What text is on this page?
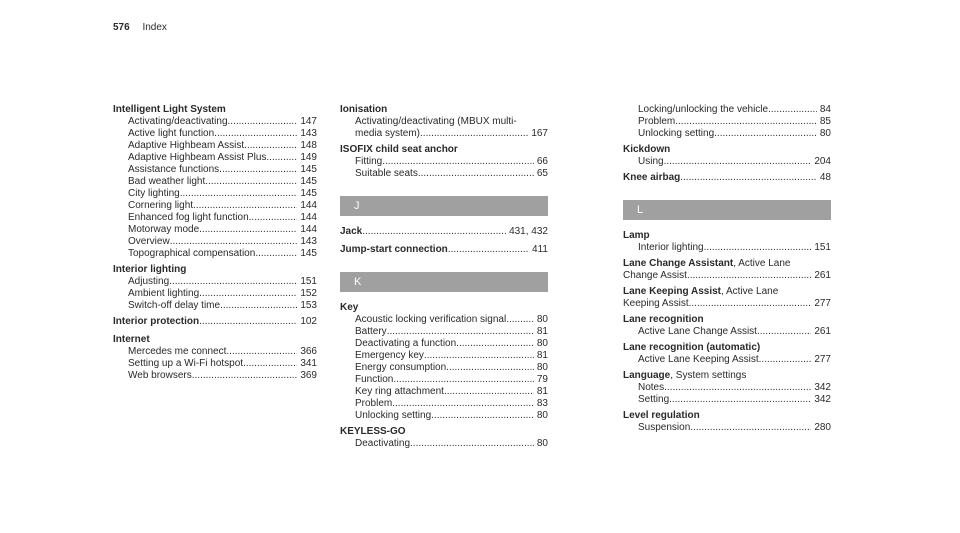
576 Index
Intelligent Light System
Activating/deactivating .....	147
Active light function .....	143
Adaptive Highbeam Assist .....	148
Adaptive Highbeam Assist Plus .....	149
Assistance functions .....	145
Bad weather light .....	145
City lighting .....	145
Cornering light .....	144
Enhanced fog light function .....	144
Motorway mode .....	144
Overview .....	143
Topographical compensation .....	145
Interior lighting
Adjusting .....	151
Ambient lighting .....	152
Switch-off delay time .....	153
Interior protection .....	102
Internet
Mercedes me connect .....	366
Setting up a Wi-Fi hotspot .....	341
Web browsers .....	369
Ionisation
Activating/deactivating (MBUX multi-
media system) .....	167
ISOFIX child seat anchor
Fitting .....	66
Suitable seats .....	65
J
Jack .....	431, 432
Jump-start connection .....	411
K
Key
Acoustic locking verification signal .....	80
Battery .....	81
Deactivating a function .....	80
Emergency key .....	81
Energy consumption .....	80
Function .....	79
Key ring attachment .....	81
Problem .....	83
Unlocking setting .....	80
KEYLESS-GO
Deactivating .....	80
Locking/unlocking the vehicle .....	84
Problem .....	85
Unlocking setting .....	80
Kickdown
Using .....	204
Knee airbag .....	48
L
Lamp
Interior lighting .....	151
Lane Change Assistant, Active Lane
Change Assist .....	261
Lane Keeping Assist, Active Lane
Keeping Assist .....	277
Lane recognition
Active Lane Change Assist .....	261
Lane recognition (automatic)
Active Lane Keeping Assist .....	277
Language, System settings
Notes .....	342
Setting .....	342
Level regulation
Suspension .....	280
